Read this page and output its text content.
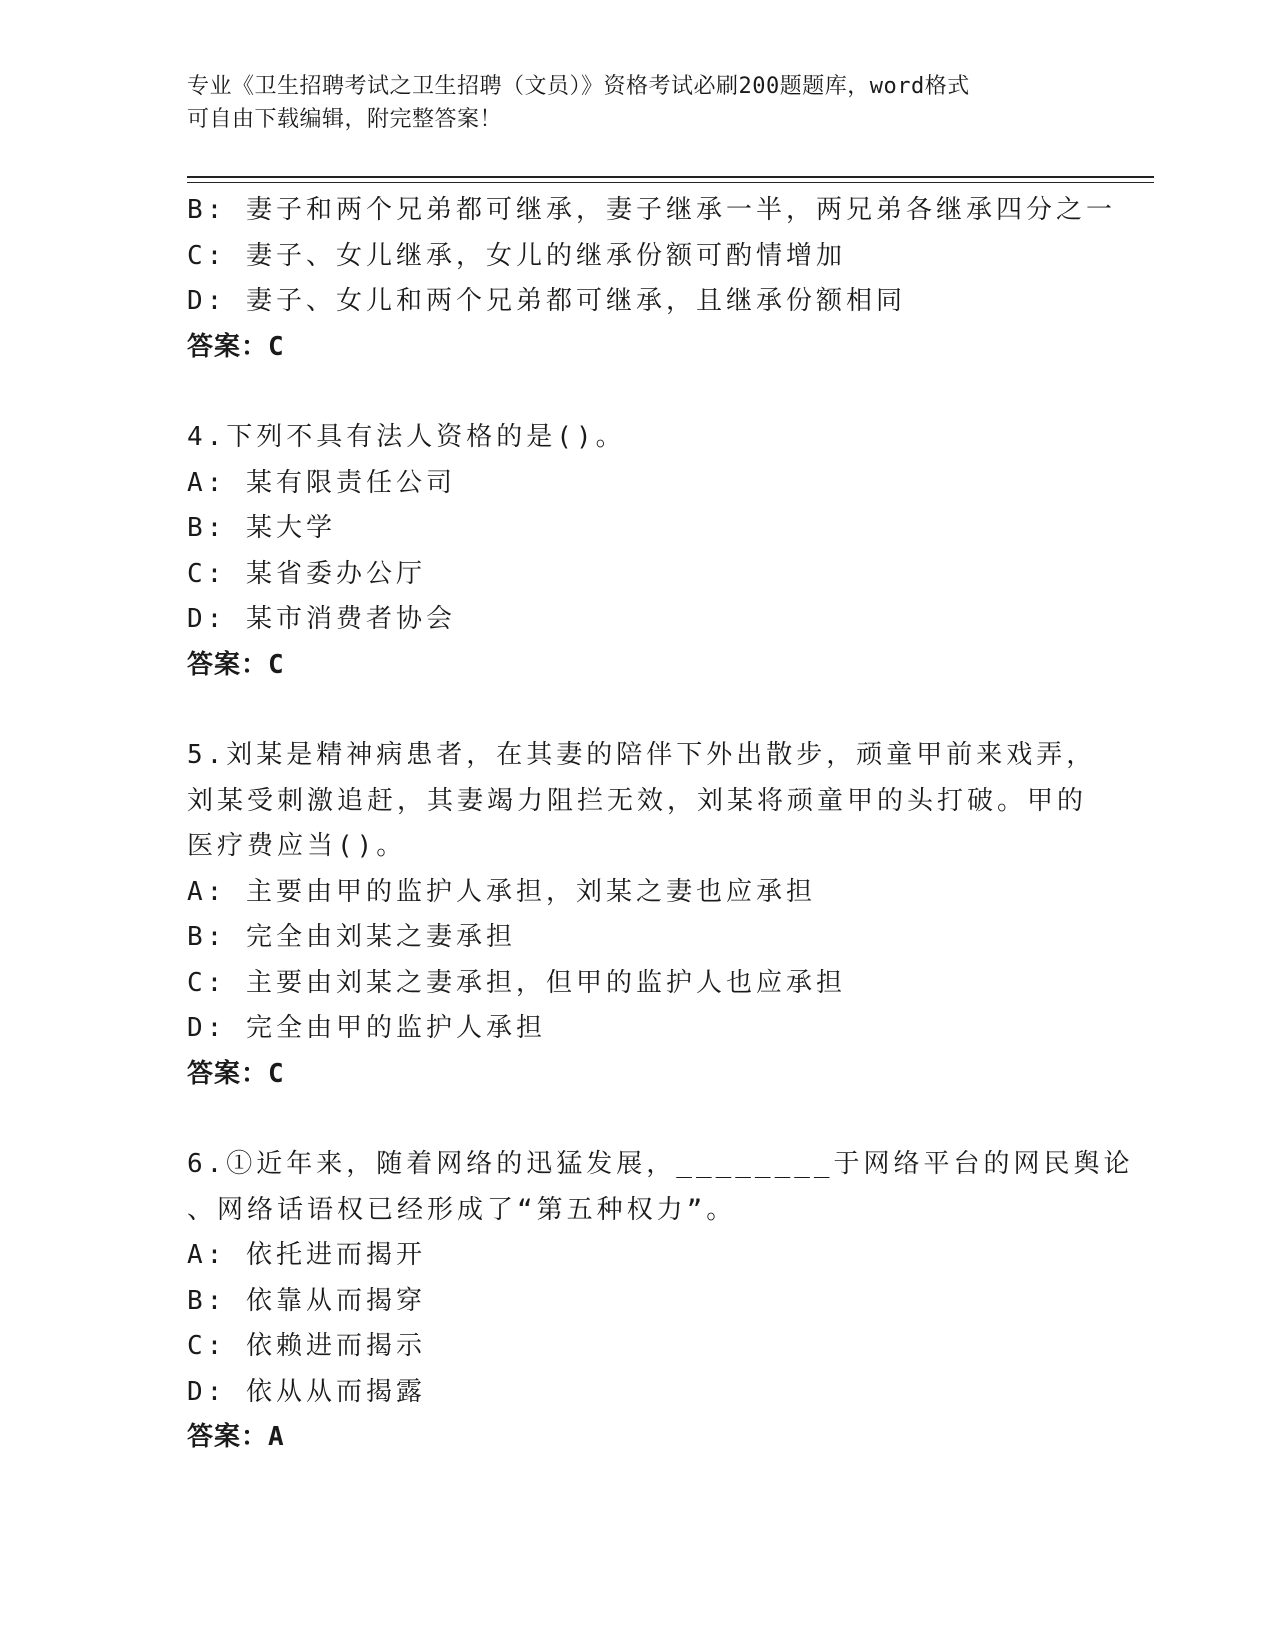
专业《卫生招聘考试之卫生招聘（文员）》资格考试必刷200题题库，word格式
可自由下载编辑，附完整答案！
B: 妻子和两个兄弟都可继承，妻子继承一半，两兄弟各继承四分之一
C: 妻子、女儿继承，女儿的继承份额可酌情增加
D: 妻子、女儿和两个兄弟都可继承，且继承份额相同
答案：C
4.下列不具有法人资格的是()。
A: 某有限责任公司
B: 某大学
C: 某省委办公厅
D: 某市消费者协会
答案：C
5.刘某是精神病患者，在其妻的陪伴下外出散步，顽童甲前来戏弄，
刘某受刺激追赶，其妻竭力阻拦无效，刘某将顽童甲的头打破。甲的
医疗费应当()。
A: 主要由甲的监护人承担，刘某之妻也应承担
B: 完全由刘某之妻承担
C: 主要由刘某之妻承担，但甲的监护人也应承担
D: 完全由甲的监护人承担
答案：C
6.①近年来，随着网络的迅猛发展，________于网络平台的网民舆论
、网络话语权已经形成了“第五种权力”。
A: 依托进而揭开
B: 依靠从而揭穿
C: 依赖进而揭示
D: 依从从而揭露
答案：A
